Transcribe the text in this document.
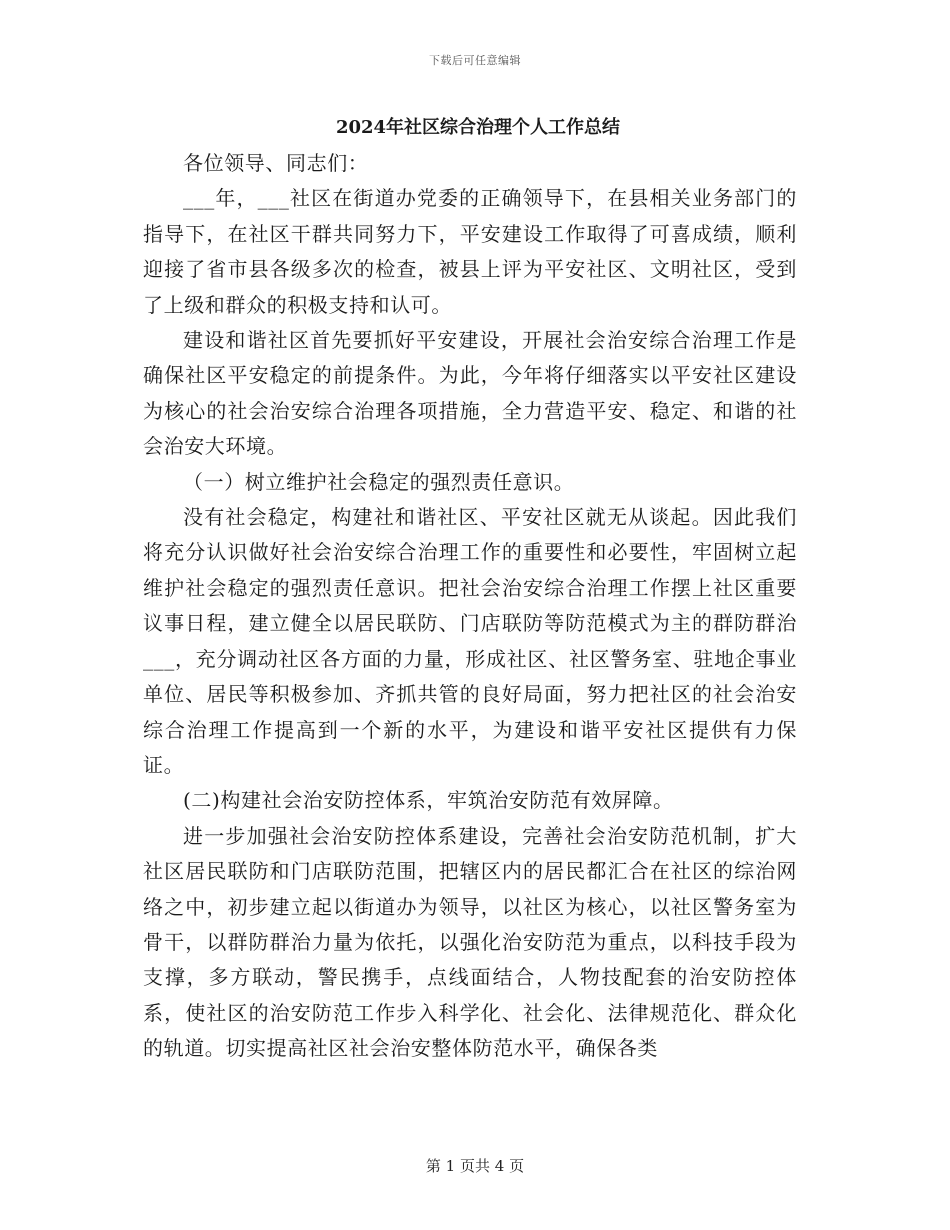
下载后可任意编辑
2024年社区综合治理个人工作总结

各位领导、同志们：

___年，___社区在街道办党委的正确领导下，在县相关业务部门的指导下，在社区干群共同努力下，平安建设工作取得了可喜成绩，顺利迎接了省市县各级多次的检查，被县上评为平安社区、文明社区，受到了上级和群众的积极支持和认可。

建设和谐社区首先要抓好平安建设，开展社会治安综合治理工作是确保社区平安稳定的前提条件。为此，今年将仔细落实以平安社区建设为核心的社会治安综合治理各项措施，全力营造平安、稳定、和谐的社会治安大环境。

（一）树立维护社会稳定的强烈责任意识。

没有社会稳定，构建社和谐社区、平安社区就无从谈起。因此我们将充分认识做好社会治安综合治理工作的重要性和必要性，牢固树立起维护社会稳定的强烈责任意识。把社会治安综合治理工作摆上社区重要议事日程，建立健全以居民联防、门店联防等防范模式为主的群防群治___，充分调动社区各方面的力量，形成社区、社区警务室、驻地企事业单位、居民等积极参加、齐抓共管的良好局面，努力把社区的社会治安综合治理工作提高到一个新的水平，为建设和谐平安社区提供有力保证。

(二)构建社会治安防控体系，牢筑治安防范有效屏障。

进一步加强社会治安防控体系建设，完善社会治安防范机制，扩大社区居民联防和门店联防范围，把辖区内的居民都汇合在社区的综治网络之中，初步建立起以街道办为领导，以社区为核心，以社区警务室为骨干，以群防群治力量为依托，以强化治安防范为重点，以科技手段为支撑，多方联动，警民携手，点线面结合，人物技配套的治安防控体系，使社区的治安防范工作步入科学化、社会化、法律规范化、群众化的轨道。切实提高社区社会治安整体防范水平，确保各类

第 1 页共 4 页
